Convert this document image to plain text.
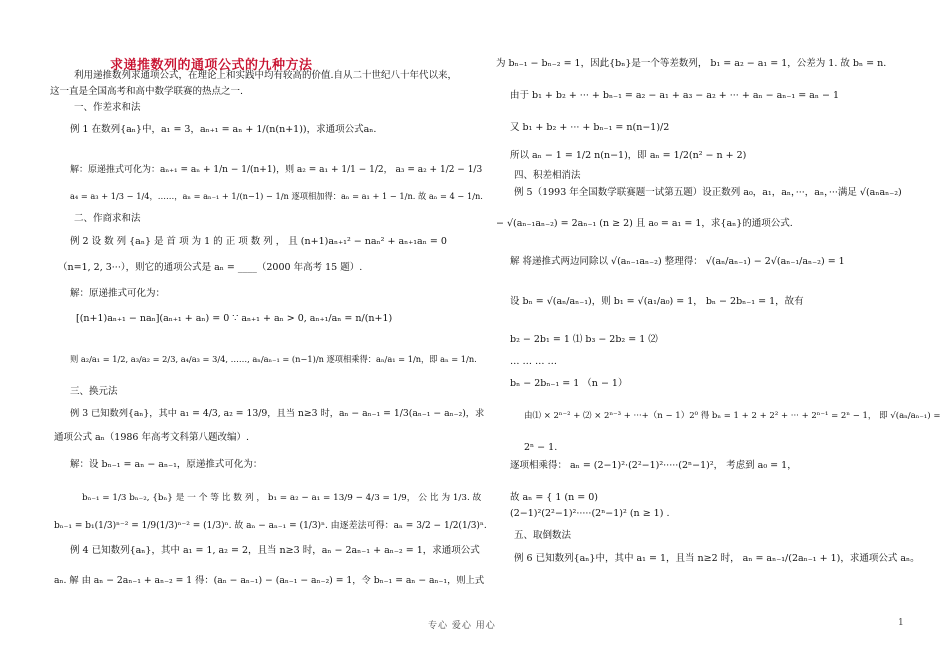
求递推数列的通项公式的九种方法
利用递推数列求通项公式，在理论上和实践中均有较高的价值.自从二十世纪八十年代以来，
这一直是全国高考和高中数学联赛的热点之一.
一、作差求和法
例 1 在数列{aₙ}中，a₁ = 3，aₙ₊₁ = aₙ + 1/(n(n+1))，求通项公式aₙ.
解：原递推式可化为：aₙ₊₁ = aₙ + 1/n − 1/(n+1)，则 a₂ = a₁ + 1/1 − 1/2， a₃ = a₂ + 1/2 − 1/3
a₄ = a₃ + 1/3 − 1/4，……，aₙ = aₙ₋₁ + 1/(n−1) − 1/n 逐项相加得：aₙ = a₁ + 1 − 1/n. 故 aₙ = 4 − 1/n.
二、作商求和法
例 2 设 数 列 {aₙ} 是 首 项 为 1 的 正 项 数 列 ， 且 (n+1)aₙ₊₁² − naₙ² + aₙ₊₁aₙ = 0
（n=1, 2, 3···），则它的通项公式是 aₙ = ____（2000 年高考 15 题）.
解：原递推式可化为：
[(n+1)aₙ₊₁ − naₙ](aₙ₊₁ + aₙ) = 0 ∵ aₙ₊₁ + aₙ > 0, aₙ₊₁/aₙ = n/(n+1)
则 a₂/a₁ = 1/2, a₃/a₂ = 2/3, a₄/a₃ = 3/4, ……, aₙ/aₙ₋₁ = (n−1)/n 逐项相乘得：aₙ/a₁ = 1/n，即 aₙ = 1/n.
三、换元法
例 3 已知数列{aₙ}，其中 a₁ = 4/3, a₂ = 13/9，且当 n≥3 时，aₙ − aₙ₋₁ = 1/3(aₙ₋₁ − aₙ₋₂)，求
通项公式 aₙ（1986 年高考文科第八题改编）.
解：设 bₙ₋₁ = aₙ − aₙ₋₁，原递推式可化为：
bₙ₋₁ = 1/3 bₙ₋₂, {bₙ} 是 一 个 等 比 数 列 ， b₁ = a₂ − a₁ = 13/9 − 4/3 = 1/9， 公 比 为 1/3. 故
bₙ₋₁ = b₁(1/3)ⁿ⁻² = 1/9(1/3)ⁿ⁻² = (1/3)ⁿ. 故 aₙ − aₙ₋₁ = (1/3)ⁿ. 由逐差法可得：aₙ = 3/2 − 1/2(1/3)ⁿ.
例 4 已知数列{aₙ}，其中 a₁ = 1, a₂ = 2，且当 n≥3 时，aₙ − 2aₙ₋₁ + aₙ₋₂ = 1，求通项公式
aₙ. 解 由 aₙ − 2aₙ₋₁ + aₙ₋₂ = 1 得：(aₙ − aₙ₋₁) − (aₙ₋₁ − aₙ₋₂) = 1，令 bₙ₋₁ = aₙ − aₙ₋₁，则上式
为 bₙ₋₁ − bₙ₋₂ = 1，因此{bₙ}是一个等差数列， b₁ = a₂ − a₁ = 1，公差为 1. 故 bₙ = n.
由于 b₁ + b₂ + ··· + bₙ₋₁ = a₂ − a₁ + a₃ − a₂ + ··· + aₙ − aₙ₋₁ = aₙ − 1
又 b₁ + b₂ + ··· + bₙ₋₁ = n(n−1)/2
所以 aₙ − 1 = 1/2 n(n−1)，即 aₙ = 1/2(n² − n + 2)
四、积差相消法
例 5（1993 年全国数学联赛题一试第五题）设正数列 a₀，a₁，aₙ，···，aₙ，···满足 √(aₙaₙ₋₂)
− √(aₙ₋₁aₙ₋₂) = 2aₙ₋₁ (n ≥ 2) 且 a₀ = a₁ = 1，求{aₙ}的通项公式.
解 将递推式两边同除以 √(aₙ₋₁aₙ₋₂) 整理得： √(aₙ/aₙ₋₁) − 2√(aₙ₋₁/aₙ₋₂) = 1
设 bₙ = √(aₙ/aₙ₋₁)，则 b₁ = √(a₁/a₀) = 1， bₙ − 2bₙ₋₁ = 1，故有
b₂ − 2b₁ = 1 ⑴ b₃ − 2b₂ = 1 ⑵
… … … …
bₙ − 2bₙ₋₁ = 1 （n − 1）
由⑴ × 2ⁿ⁻² + ⑵ × 2ⁿ⁻³ + ···+（n − 1）2⁰ 得 bₙ = 1 + 2 + 2² + ··· + 2ⁿ⁻¹ = 2ⁿ − 1， 即 √(aₙ/aₙ₋₁) =
2ⁿ − 1.
逐项相乘得： aₙ = (2−1)²·(2²−1)²·····(2ⁿ−1)²， 考虑到 a₀ = 1，
故 aₙ = { 1 (n = 0)
(2−1)²(2²−1)²·····(2ⁿ−1)² (n ≥ 1) .
五、取倒数法
例 6 已知数列{aₙ}中，其中 a₁ = 1，且当 n≥2 时， aₙ = aₙ₋₁/(2aₙ₋₁ + 1)，求通项公式 aₙ。
专心 爱心 用心	1
